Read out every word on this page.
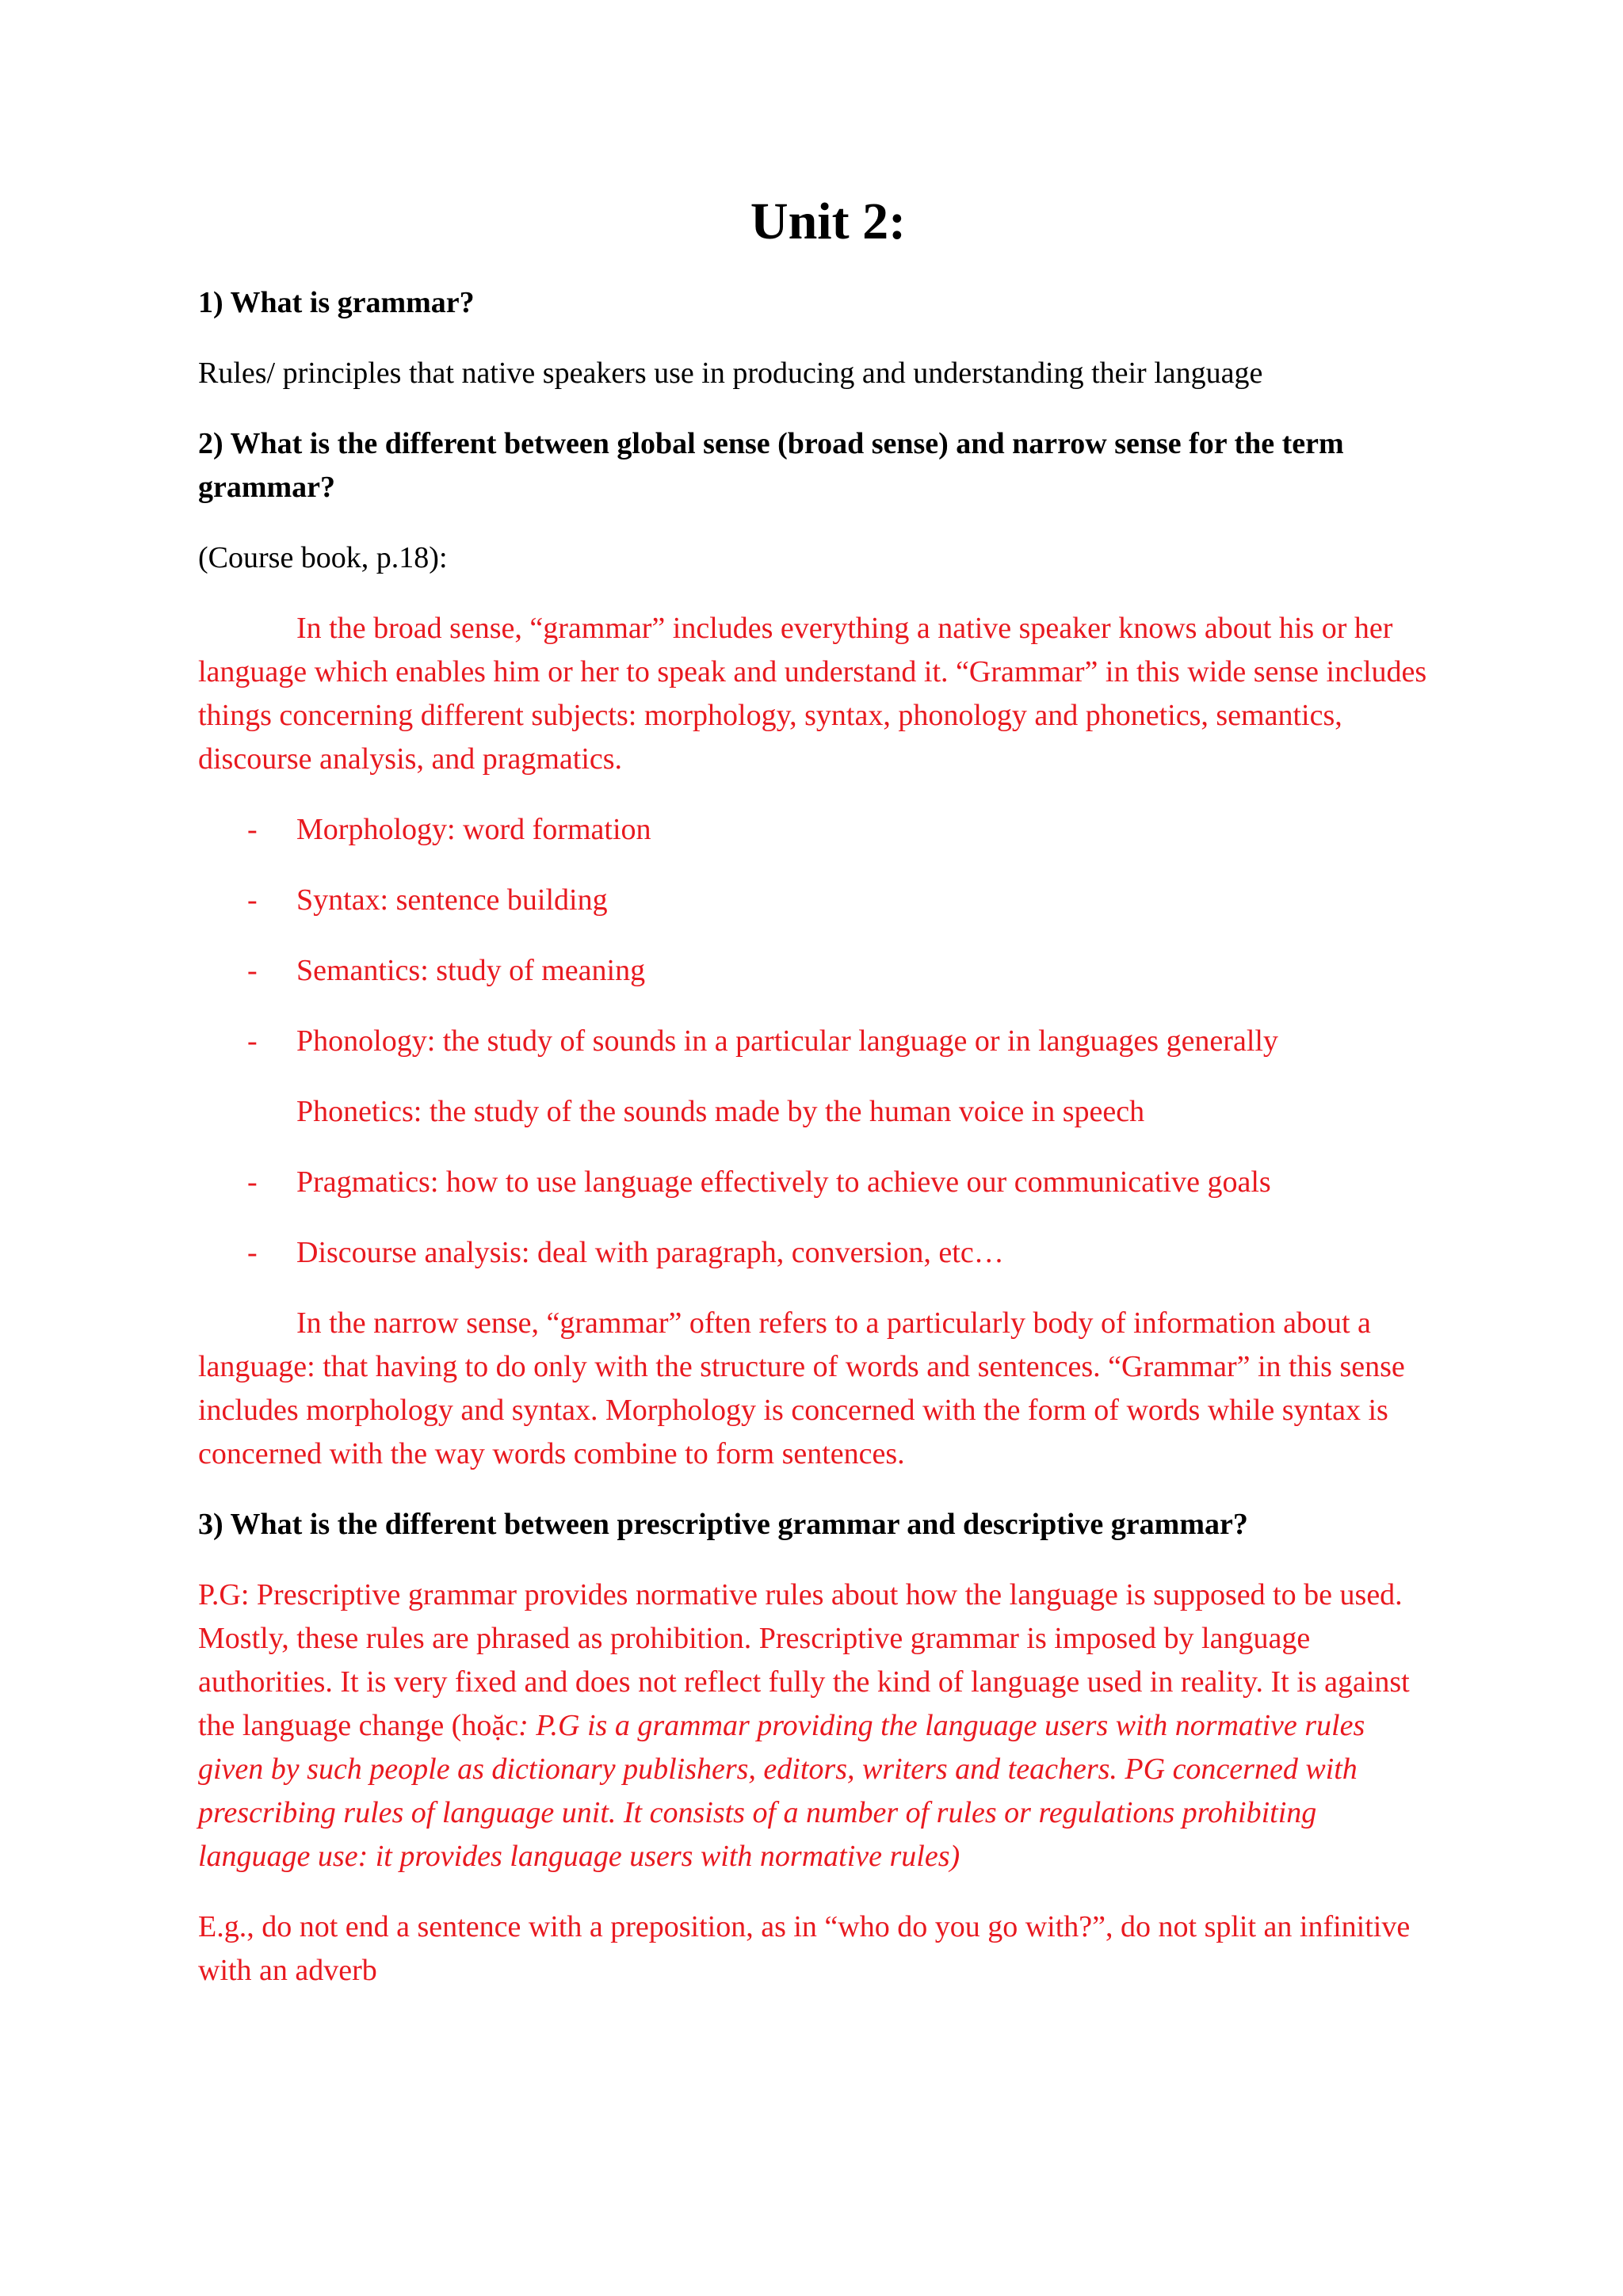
Unit 2:
1) What is grammar?
Rules/ principles that native speakers use in producing and understanding their language
2) What is the different between global sense (broad sense) and narrow sense for the term grammar?
(Course book, p.18):
In the broad sense, “grammar” includes everything a native speaker knows about his or her language which enables him or her to speak and understand it. “Grammar” in this wide sense includes things concerning different subjects: morphology, syntax, phonology and phonetics, semantics, discourse analysis, and pragmatics.
- Morphology: word formation
- Syntax: sentence building
- Semantics: study of meaning
- Phonology: the study of sounds in a particular language or in languages generally
Phonetics: the study of the sounds made by the human voice in speech
- Pragmatics: how to use language effectively to achieve our communicative goals
- Discourse analysis: deal with paragraph, conversion, etc…
In the narrow sense, “grammar” often refers to a particularly body of information about a language: that having to do only with the structure of words and sentences. “Grammar” in this sense includes morphology and syntax. Morphology is concerned with the form of words while syntax is concerned with the way words combine to form sentences.
3) What is the different between prescriptive grammar and descriptive grammar?
P.G: Prescriptive grammar provides normative rules about how the language is supposed to be used. Mostly, these rules are phrased as prohibition. Prescriptive grammar is imposed by language authorities. It is very fixed and does not reflect fully the kind of language used in reality. It is against the language change (hoặc: P.G is a grammar providing the language users with normative rules given by such people as dictionary publishers, editors, writers and teachers. PG concerned with prescribing rules of language unit. It consists of a number of rules or regulations prohibiting language use: it provides language users with normative rules)
E.g., do not end a sentence with a preposition, as in “who do you go with?”, do not split an infinitive with an adverb
